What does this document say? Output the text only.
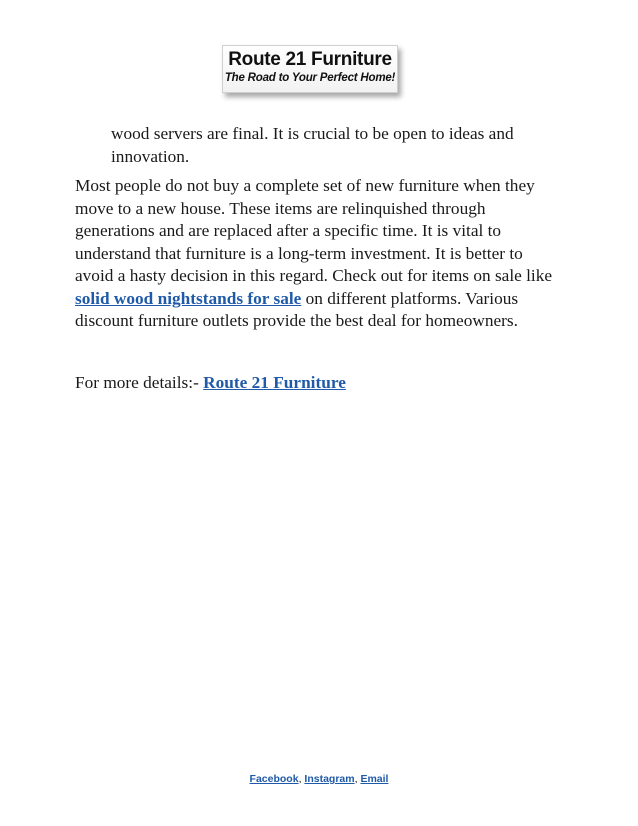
Route 21 Furniture
The Road to Your Perfect Home!

wood servers are final. It is crucial to be open to ideas and innovation.

Most people do not buy a complete set of new furniture when they move to a new house. These items are relinquished through generations and are replaced after a specific time. It is vital to understand that furniture is a long-term investment. It is better to avoid a hasty decision in this regard. Check out for items on sale like solid wood nightstands for sale on different platforms. Various discount furniture outlets provide the best deal for homeowners.

For more details:- Route 21 Furniture

Facebook, Instagram, Email
